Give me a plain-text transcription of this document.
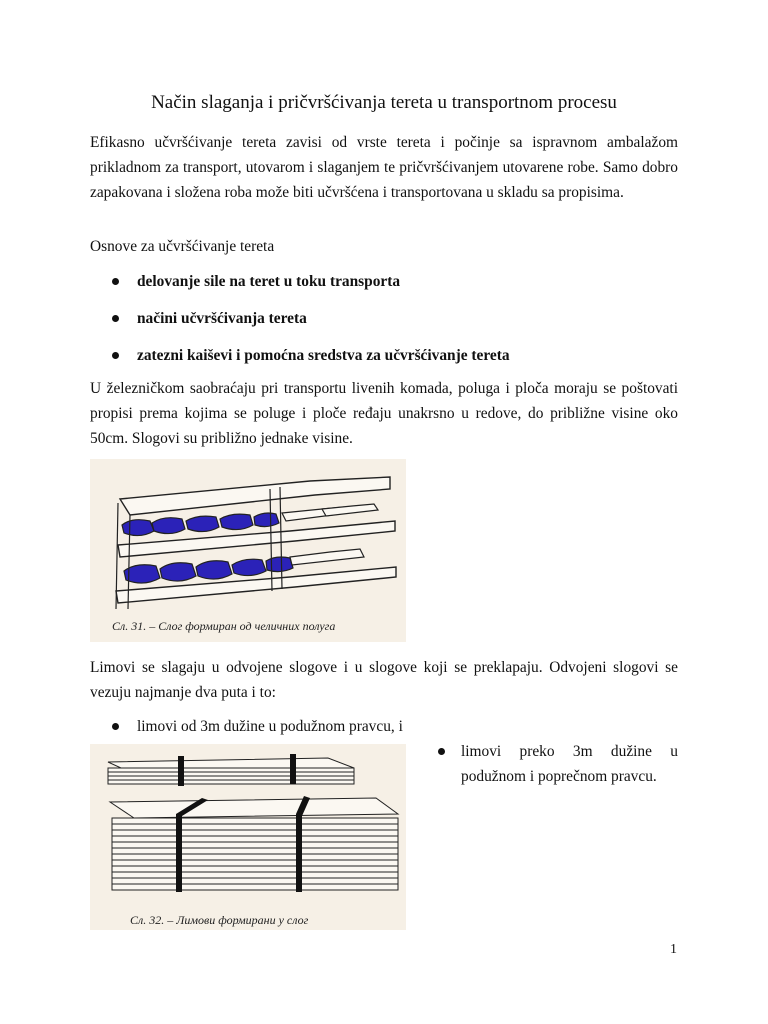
Način slaganja i pričvršćivanja tereta u transportnom procesu
Efikasno učvršćivanje tereta zavisi od vrste tereta i počinje sa ispravnom ambalažom prikladnom za transport, utovarom i slaganjem te pričvršćivanjem utovarene robe. Samo dobro zapakovana i složena roba može biti učvršćena i transportovana u skladu sa propisima.
Osnove za učvršćivanje tereta
delovanje sile na teret u toku transporta
načini učvršćivanja tereta
zatezni kaiševi i pomoćna sredstva za učvršćivanje tereta
U železničkom saobraćaju pri transportu livenih komada, poluga i ploča moraju se poštovati propisi prema kojima se poluge i ploče ređaju unakrsno u redove, do približne visine oko 50cm. Slogovi su približno jednake visine.
Сл. 31. – Слог формиран од челичних полуга
Limovi se slagaju u odvojene slogove i u slogove koji se preklapaju. Odvojeni slogovi se vezuju najmanje dva puta i to:
limovi od 3m dužine u podužnom pravcu, i
Сл. 32. – Лимови формирани у слог
limovi preko 3m dužine u podužnom i poprečnom pravcu.
1
